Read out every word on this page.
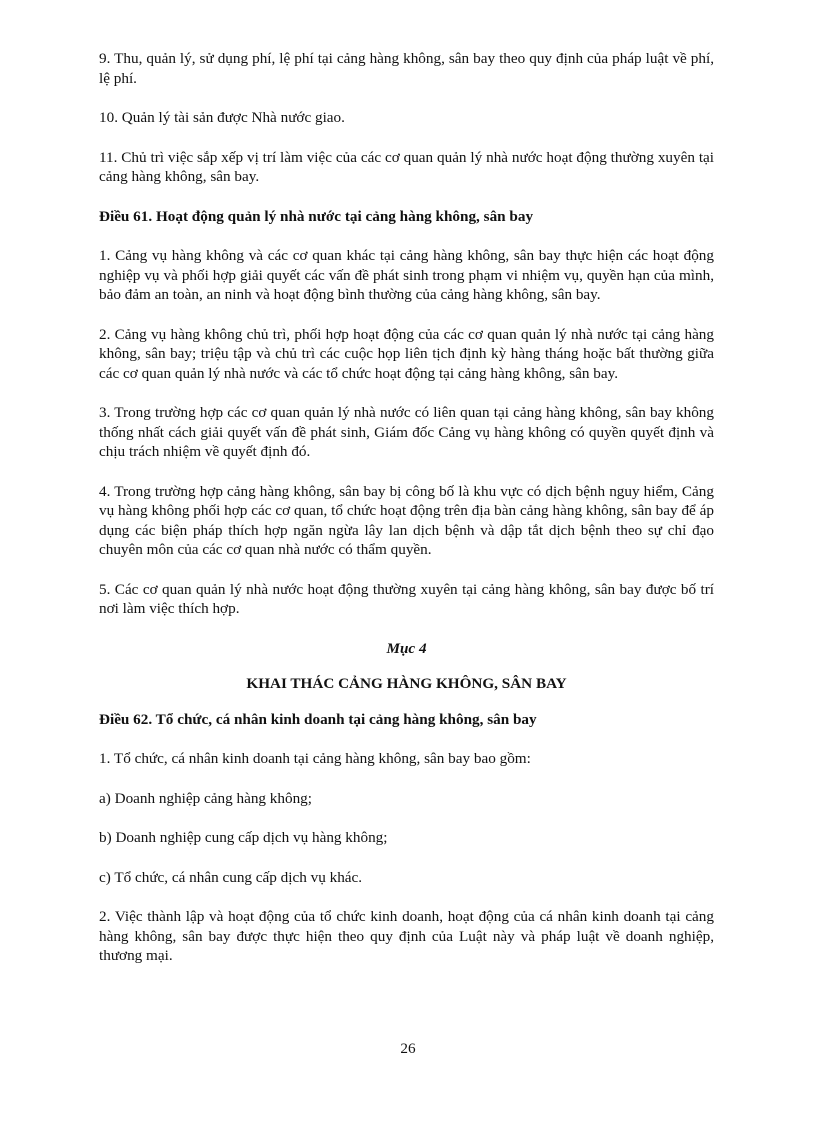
9. Thu, quản lý, sử dụng phí, lệ phí tại cảng hàng không, sân bay theo quy định của pháp luật về phí, lệ phí.

10. Quản lý tài sản được Nhà nước giao.

11. Chủ trì việc sắp xếp vị trí làm việc của các cơ quan quản lý nhà nước hoạt động thường xuyên tại cảng hàng không, sân bay.

Điều 61. Hoạt động quản lý nhà nước tại cảng hàng không, sân bay

1. Cảng vụ hàng không và các cơ quan khác tại cảng hàng không, sân bay thực hiện các hoạt động nghiệp vụ và phối hợp giải quyết các vấn đề phát sinh trong phạm vi nhiệm vụ, quyền hạn của mình, bảo đảm an toàn, an ninh và hoạt động bình thường của cảng hàng không, sân bay.

2. Cảng vụ hàng không chủ trì, phối hợp hoạt động của các cơ quan quản lý nhà nước tại cảng hàng không, sân bay; triệu tập và chủ trì các cuộc họp liên tịch định kỳ hàng tháng hoặc bất thường giữa các cơ quan quản lý nhà nước và các tổ chức hoạt động tại cảng hàng không, sân bay.

3. Trong trường hợp các cơ quan quản lý nhà nước có liên quan tại cảng hàng không, sân bay không thống nhất cách giải quyết vấn đề phát sinh, Giám đốc Cảng vụ hàng không có quyền quyết định và chịu trách nhiệm về quyết định đó.

4. Trong trường hợp cảng hàng không, sân bay bị công bố là khu vực có dịch bệnh nguy hiểm, Cảng vụ hàng không phối hợp các cơ quan, tổ chức hoạt động trên địa bàn cảng hàng không, sân bay để áp dụng các biện pháp thích hợp ngăn ngừa lây lan dịch bệnh và dập tắt dịch bệnh theo sự chỉ đạo chuyên môn của các cơ quan nhà nước có thẩm quyền.

5. Các cơ quan quản lý nhà nước hoạt động thường xuyên tại cảng hàng không, sân bay được bố trí nơi làm việc thích hợp.

Mục 4

KHAI THÁC CẢNG HÀNG KHÔNG, SÂN BAY

Điều 62. Tổ chức, cá nhân kinh doanh tại cảng hàng không, sân bay

1. Tổ chức, cá nhân kinh doanh tại cảng hàng không, sân bay bao gồm:

a) Doanh nghiệp cảng hàng không;

b) Doanh nghiệp cung cấp dịch vụ hàng không;

c) Tổ chức, cá nhân cung cấp dịch vụ khác.

2. Việc thành lập và hoạt động của tổ chức kinh doanh, hoạt động của cá nhân kinh doanh tại cảng hàng không, sân bay được thực hiện theo quy định của Luật này và pháp luật về doanh nghiệp, thương mại.

26
